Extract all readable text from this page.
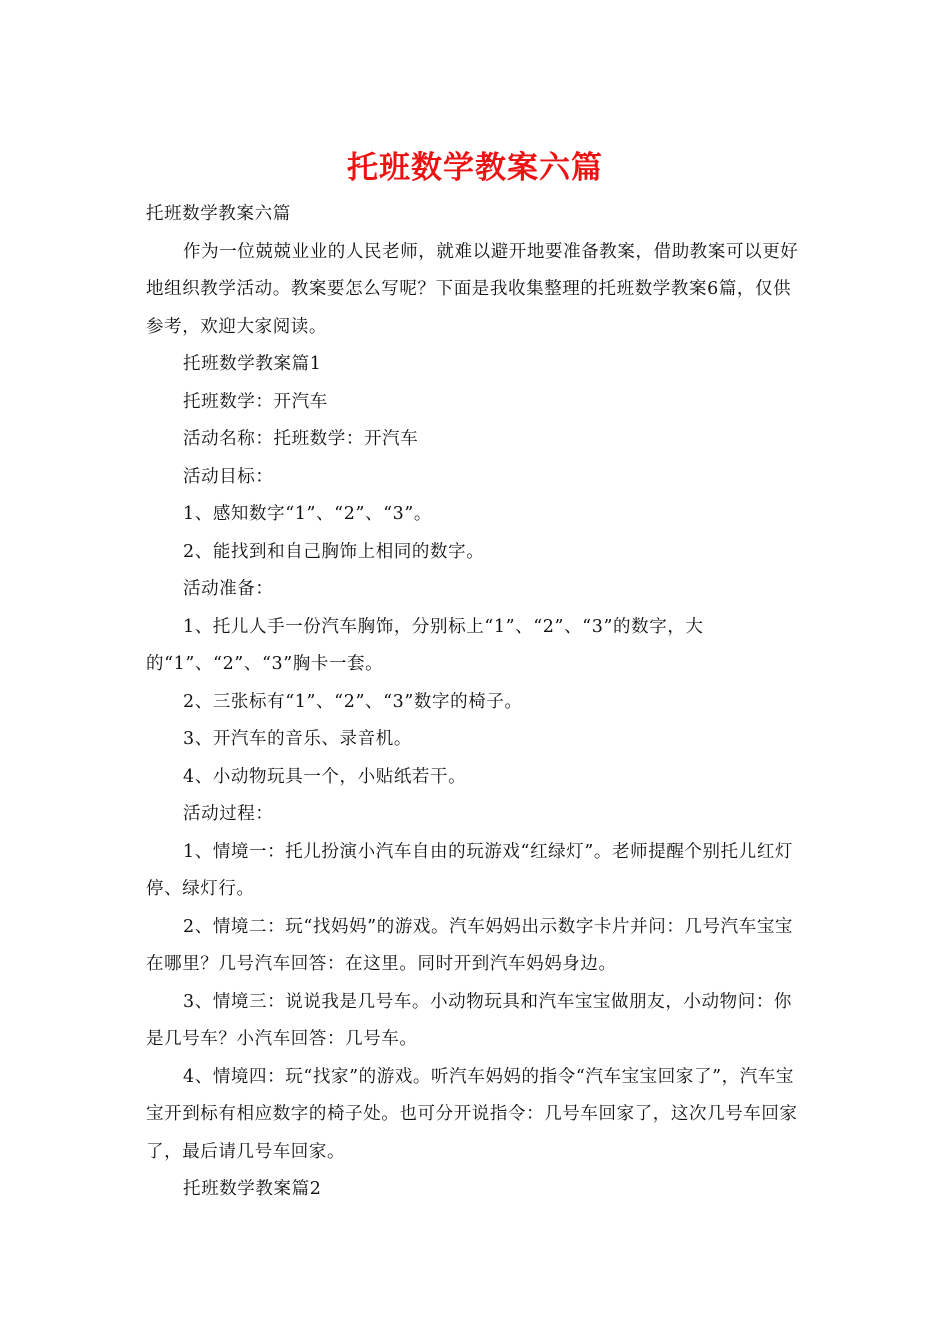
托班数学教案六篇

托班数学教案六篇

作为一位兢兢业业的人民老师，就难以避开地要准备教案，借助教案可以更好地组织教学活动。教案要怎么写呢？下面是我收集整理的托班数学教案6篇，仅供参考，欢迎大家阅读。

托班数学教案篇1

托班数学：开汽车

活动名称：托班数学：开汽车

活动目标：

1、感知数字“1”、“2”、“3”。

2、能找到和自己胸饰上相同的数字。

活动准备：

1、托儿人手一份汽车胸饰，分别标上“1”、“2”、“3”的数字，大的“1”、“2”、“3”胸卡一套。

2、三张标有“1”、“2”、“3”数字的椅子。

3、开汽车的音乐、录音机。

4、小动物玩具一个，小贴纸若干。

活动过程：

1、情境一：托儿扮演小汽车自由的玩游戏“红绿灯”。老师提醒个别托儿红灯停、绿灯行。

2、情境二：玩“找妈妈”的游戏。汽车妈妈出示数字卡片并问：几号汽车宝宝在哪里？几号汽车回答：在这里。同时开到汽车妈妈身边。

3、情境三：说说我是几号车。小动物玩具和汽车宝宝做朋友，小动物问：你是几号车？小汽车回答：几号车。

4、情境四：玩“找家”的游戏。听汽车妈妈的指令“汽车宝宝回家了”，汽车宝宝开到标有相应数字的椅子处。也可分开说指令：几号车回家了，这次几号车回家了，最后请几号车回家。

托班数学教案篇2
